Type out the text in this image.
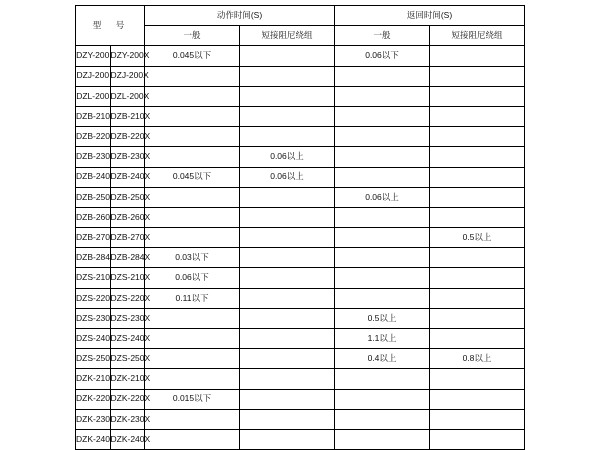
型　号		动作时间(S)		返回时间(S)	
		一般	短接阻尼绕组	一般	短接阻尼绕组
DZY-200	DZY-200X	0.045以下		0.06以下	
DZJ-200	DZJ-200X				
DZL-200	DZL-200X				
DZB-210	DZB-210X				
DZB-220	DZB-220X				
DZB-230	DZB-230X		0.06以上		
DZB-240	DZB-240X	0.045以下	0.06以上		
DZB-250	DZB-250X			0.06以上	
DZB-260	DZB-260X				
DZB-270	DZB-270X				0.5以上
DZB-284	DZB-284X	0.03以下			
DZS-210	DZS-210X	0.06以下			
DZS-220	DZS-220X	0.11以下			
DZS-230	DZS-230X			0.5以上	
DZS-240	DZS-240X			1.1以上	
DZS-250	DZS-250X			0.4以上	0.8以上
DZK-210	DZK-210X				
DZK-220	DZK-220X	0.015以下			
DZK-230	DZK-230X				
DZK-240	DZK-240X				
